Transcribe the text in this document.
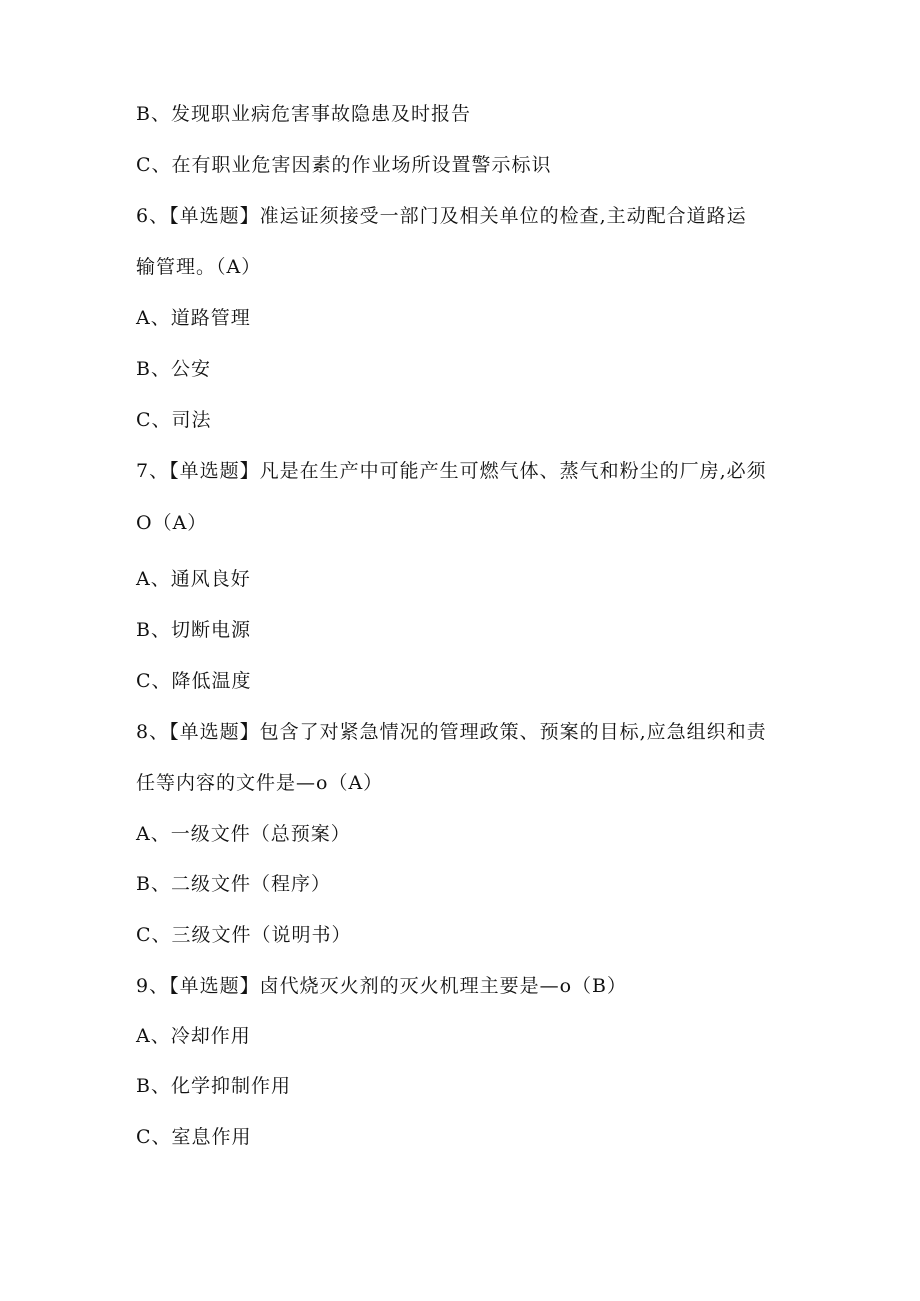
B、发现职业病危害事故隐患及时报告
C、在有职业危害因素的作业场所设置警示标识
6、【单选题】准运证须接受一部门及相关单位的检查,主动配合道路运
输管理。（A）
A、道路管理
B、公安
C、司法
7、【单选题】凡是在生产中可能产生可燃气体、蒸气和粉尘的厂房,必须
O（A）
A、通风良好
B、切断电源
C、降低温度
8、【单选题】包含了对紧急情况的管理政策、预案的目标,应急组织和责
任等内容的文件是—o（A）
A、一级文件（总预案）
B、二级文件（程序）
C、三级文件（说明书）
9、【单选题】卤代烧灭火剂的灭火机理主要是—o（B）
A、冷却作用
B、化学抑制作用
C、室息作用
